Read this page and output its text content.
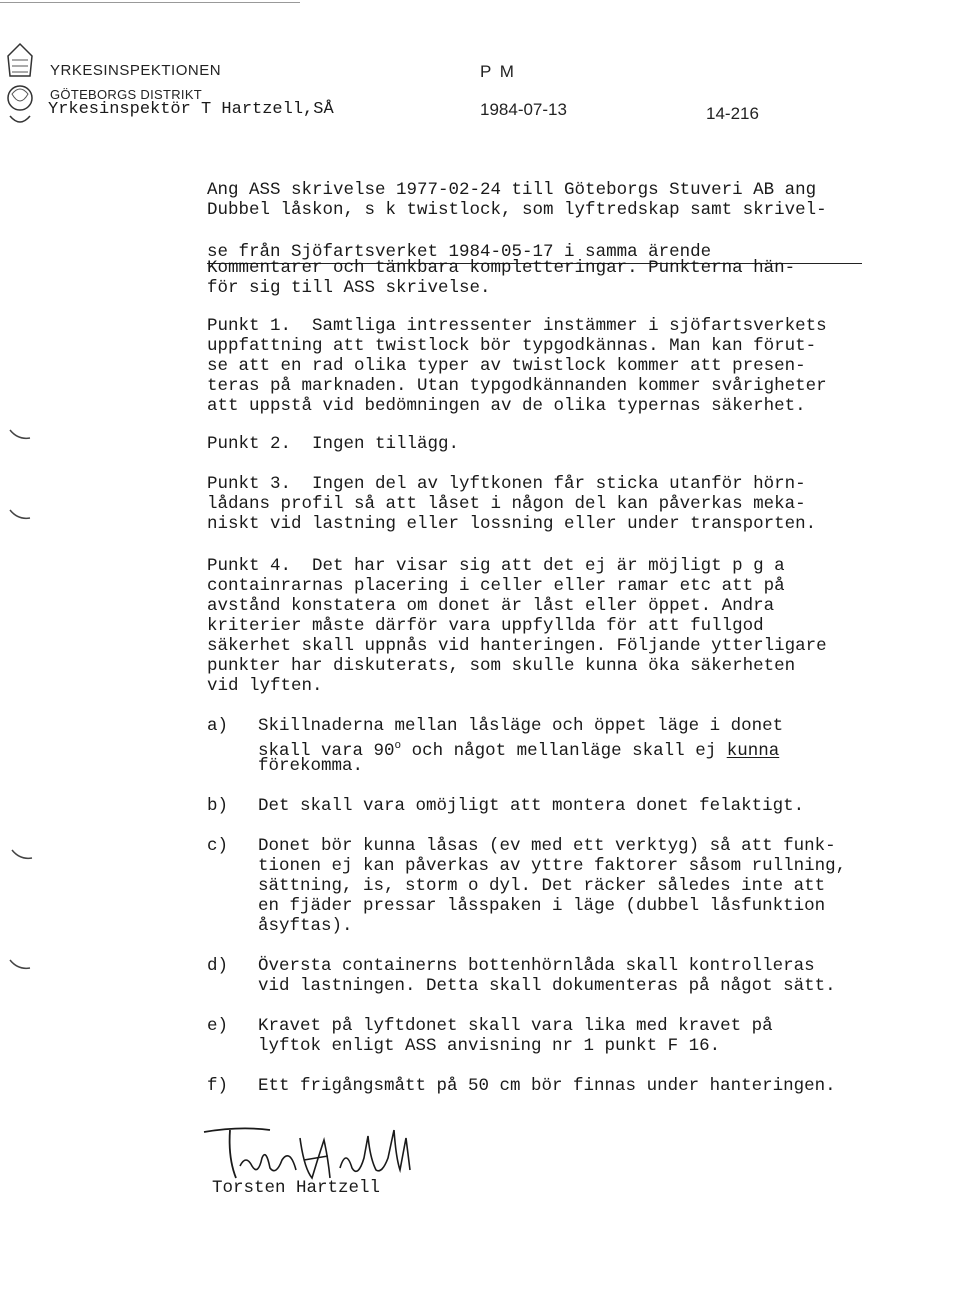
YRKESINSPEKTIONEN
GÖTEBORGS DISTRIKT
Yrkesinspektör T Hartzell,SÅ
P M
1984-07-13	14-216
Ang ASS skrivelse 1977-02-24 till Göteborgs Stuveri AB ang
Dubbel låskon, s k twistlock, som lyftredskap samt skrivel-
se från Sjöfartsverket 1984-05-17 i samma ärende
Kommentarer och tänkbara kompletteringar. Punkterna hän-
för sig till ASS skrivelse.
Punkt 1.  Samtliga intressenter instämmer i sjöfartsverkets
uppfattning att twistlock bör typgodkännas. Man kan förut-
se att en rad olika typer av twistlock kommer att presen-
teras på marknaden. Utan typgodkännanden kommer svårigheter
att uppstå vid bedömningen av de olika typernas säkerhet.
Punkt 2.  Ingen tillägg.
Punkt 3.  Ingen del av lyftkonen får sticka utanför hörn-
lådans profil så att låset i någon del kan påverkas meka-
niskt vid lastning eller lossning eller under transporten.
Punkt 4.  Det har visar sig att det ej är möjligt p g a
containrarnas placering i celler eller ramar etc att på
avstånd konstatera om donet är låst eller öppet. Andra
kriterier måste därför vara uppfyllda för att fullgod
säkerhet skall uppnås vid hanteringen. Följande ytterligare
punkter har diskuterats, som skulle kunna öka säkerheten
vid lyften.
a) Skillnaderna mellan låsläge och öppet läge i donet
skall vara 90$^o$ och något mellanläge skall ej kunna
förekomma.
b) Det skall vara omöjligt att montera donet felaktigt.
c) Donet bör kunna låsas (ev med ett verktyg) så att funk-
tionen ej kan påverkas av yttre faktorer såsom rullning,
sättning, is, storm o dyl. Det räcker således inte att
en fjäder pressar låsspaken i läge (dubbel låsfunktion
åsyftas).
d) Översta containerns bottenhörnlåda skall kontrolleras
vid lastningen. Detta skall dokumenteras på något sätt.
e) Kravet på lyftdonet skall vara lika med kravet på
lyftok enligt ASS anvisning nr 1 punkt F 16.
f) Ett frigångsmått på 50 cm bör finnas under hanteringen.
Torsten Hartzell
